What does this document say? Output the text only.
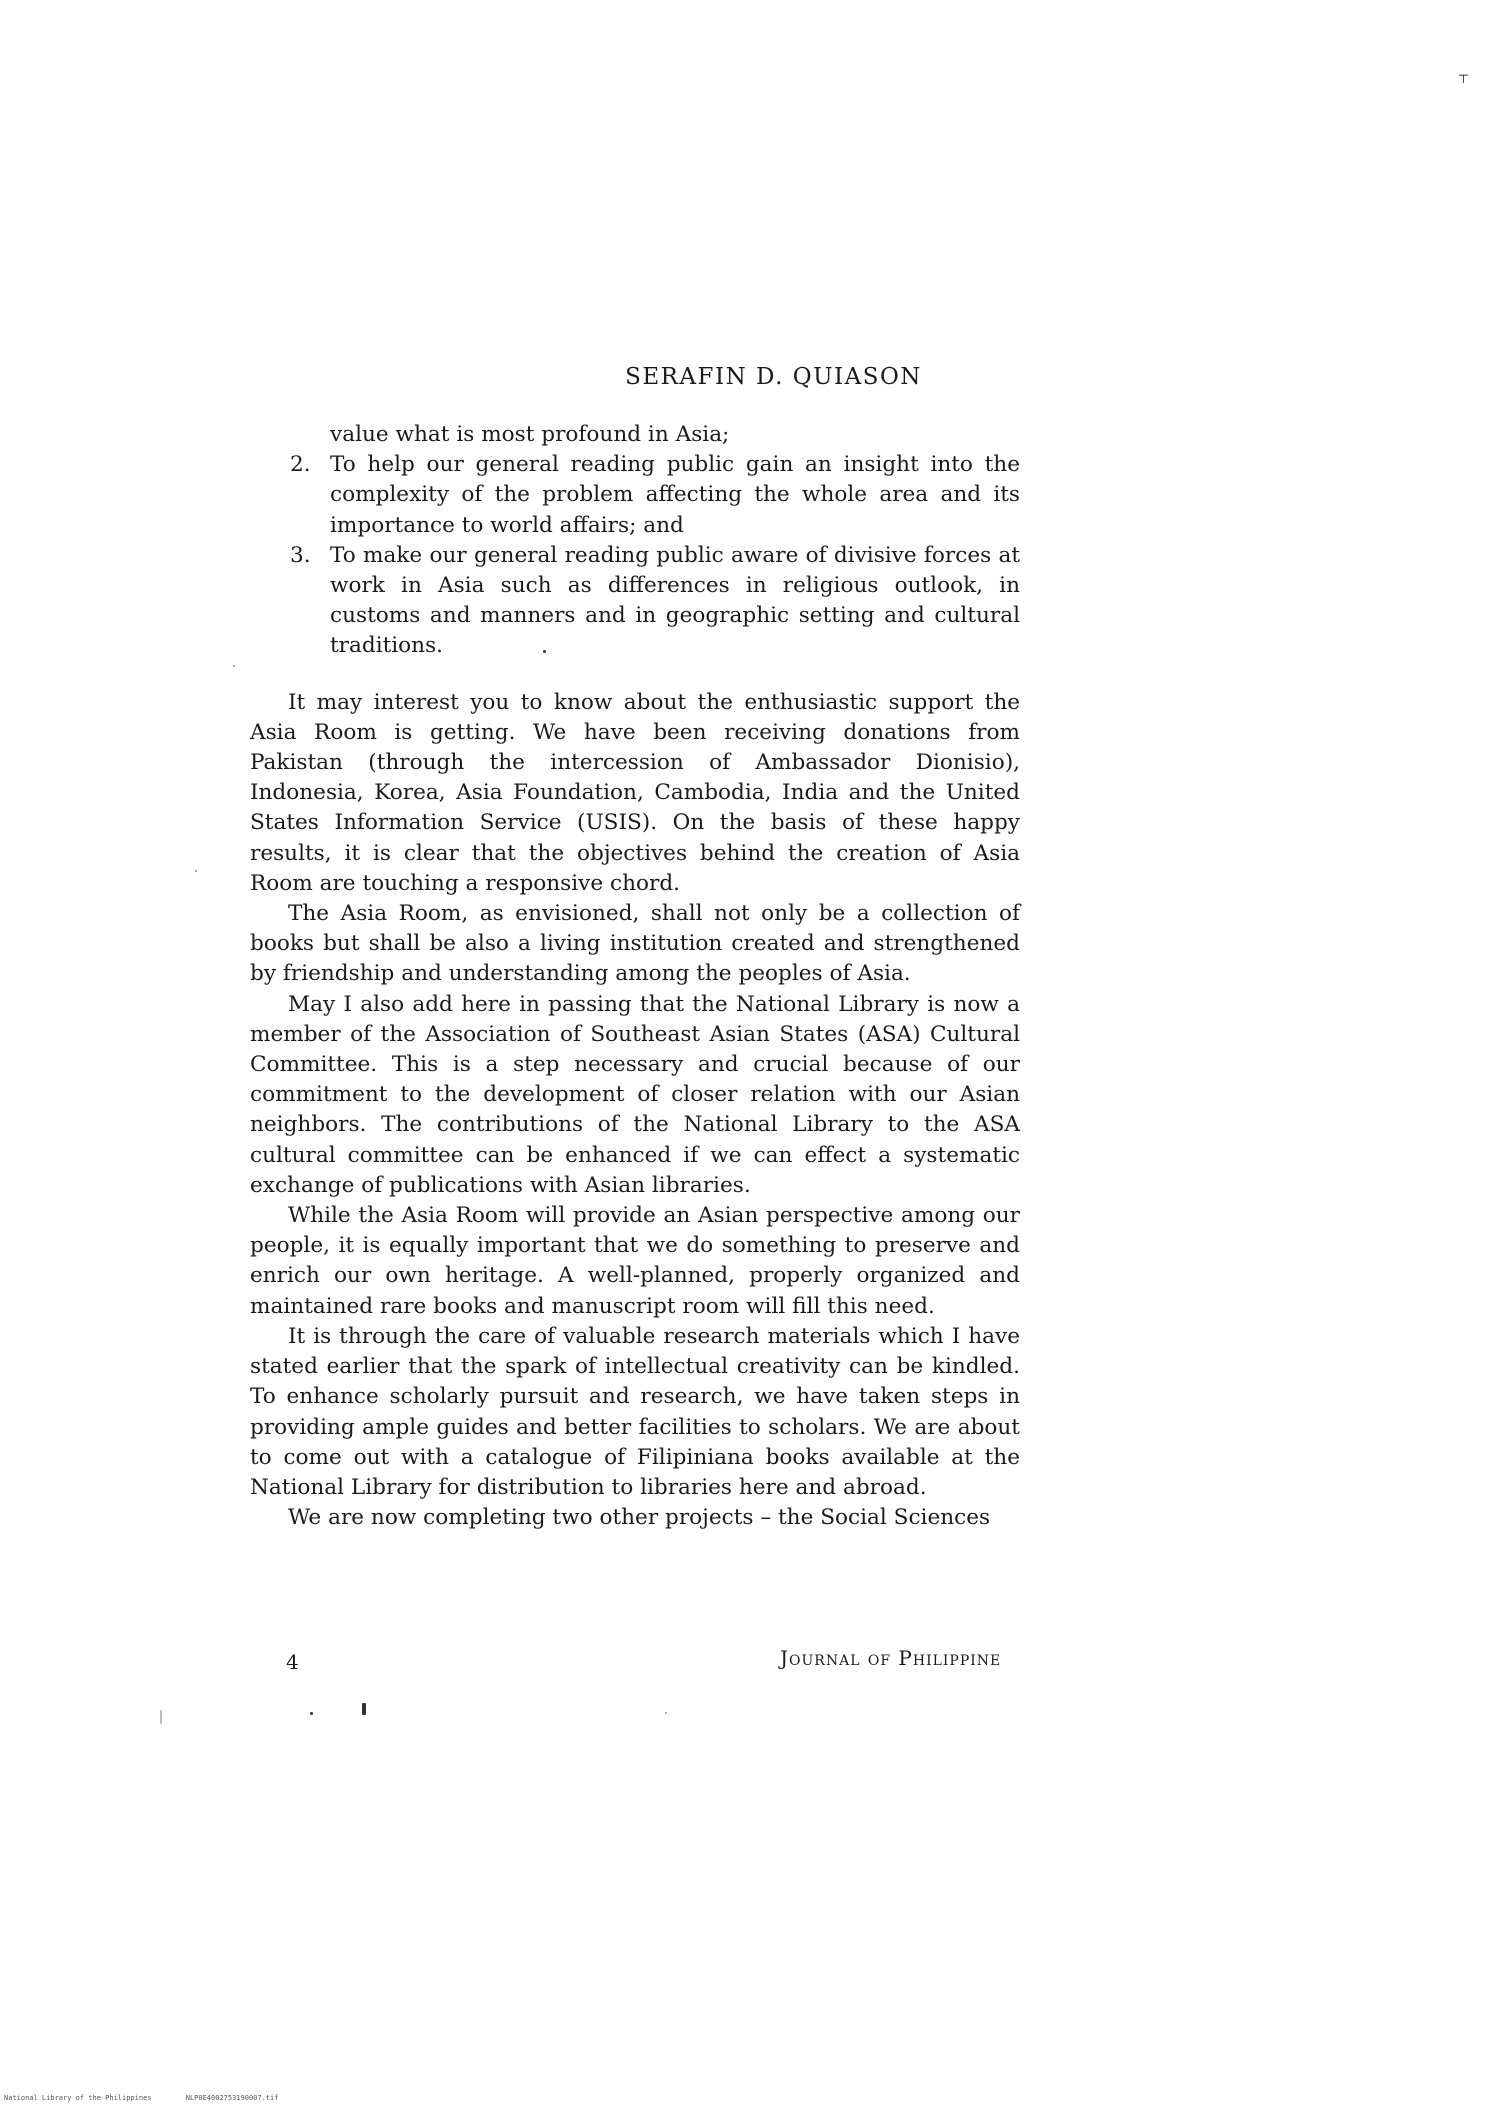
⊤
SERAFIN D. QUIASON

value what is most profound in Asia;

2. To help our general reading public gain an insight into the complexity of the problem affecting the whole area and its importance to world affairs; and
3. To make our general reading public aware of divisive forces at work in Asia such as differences in religious outlook, in customs and manners and in geographic setting and cultural traditions.

It may interest you to know about the enthusiastic support the Asia Room is getting. We have been receiving donations from Pakistan (through the intercession of Ambassador Dionisio), Indonesia, Korea, Asia Foundation, Cambodia, India and the United States Information Service (USIS). On the basis of these happy results, it is clear that the objectives behind the creation of Asia Room are touching a responsive chord.

The Asia Room, as envisioned, shall not only be a collection of books but shall be also a living institution created and strengthened by friendship and understanding among the peoples of Asia.

May I also add here in passing that the National Library is now a member of the Association of Southeast Asian States (ASA) Cultural Committee. This is a step necessary and crucial because of our commitment to the development of closer relation with our Asian neighbors. The contributions of the National Library to the ASA cultural committee can be enhanced if we can effect a systematic exchange of publications with Asian libraries.

While the Asia Room will provide an Asian perspective among our people, it is equally important that we do something to preserve and enrich our own heritage. A well-planned, properly organized and maintained rare books and manuscript room will fill this need.

It is through the care of valuable research materials which I have stated earlier that the spark of intellectual creativity can be kindled. To enhance scholarly pursuit and research, we have taken steps in providing ample guides and better facilities to scholars. We are about to come out with a catalogue of Filipiniana books available at the National Library for distribution to libraries here and abroad.

We are now completing two other projects – the Social Sciences

4	Journal of Philippine
National Library of the Philippines	NLP0E4002753190007.tif
